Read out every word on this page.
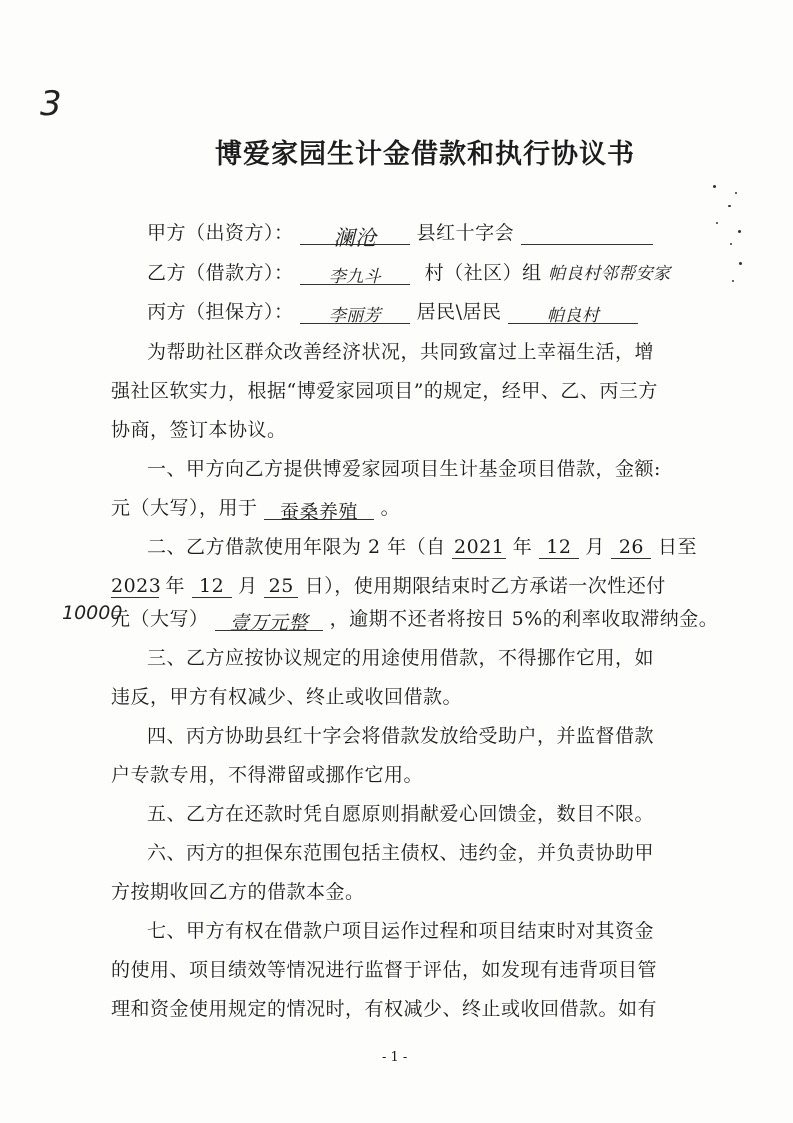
3
博爱家园生计金借款和执行协议书
甲方（出资方）： 澜沧 县红十字会
乙方（借款方）： 李九斗 村（社区）组 帕良村邻帮安家
丙方（担保方）： 李丽芳 居民\居民	帕良村
为帮助社区群众改善经济状况，共同致富过上幸福生活，增
强社区软实力，根据“博爱家园项目”的规定，经甲、乙、丙三方
协商，签订本协议。
一、甲方向乙方提供博爱家园项目生计基金项目借款，金额:
元（大写），用于 蚕桑养殖 。
二、乙方借款使用年限为 2 年（自 2021 年 12 月 26 日至
2023 年 12 月 25 日），使用期限结束时乙方承诺一次性还付
10000
元（大写） 壹万元整 ，逾期不还者将按日 5%的利率收取滞纳金。
三、乙方应按协议规定的用途使用借款，不得挪作它用，如
违反，甲方有权减少、终止或收回借款。
四、丙方协助县红十字会将借款发放给受助户，并监督借款
户专款专用，不得滞留或挪作它用。
五、乙方在还款时凭自愿原则捐献爱心回馈金，数目不限。
六、丙方的担保东范围包括主债权、违约金，并负责协助甲
方按期收回乙方的借款本金。
七、甲方有权在借款户项目运作过程和项目结束时对其资金
的使用、项目绩效等情况进行监督于评估，如发现有违背项目管
理和资金使用规定的情况时，有权减少、终止或收回借款。如有
- 1 -
